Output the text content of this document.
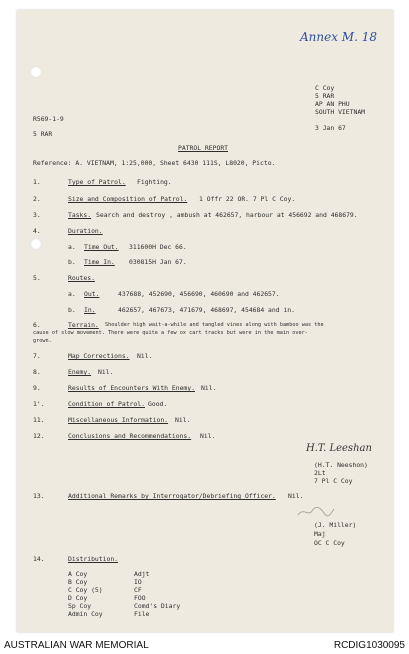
Annex M. 18
C Coy
5 RAR
AP AN PHU
SOUTH VIETNAM
R569-1-9
3 Jan 67
5 RAR
PATROL REPORT
Reference: A. VIETNAM, 1:25,000, Sheet 6430 111S, L8020, Picto.
1.	Type of Patrol. Fighting.
2.	Size and Composition of Patrol. 1 Offr 22 OR. 7 Pl C Coy.
3.	Tasks. Search and destroy , ambush at 462657, harbour at 456692 and 468679.
4.	Duration.
a. Time Out. 311600H Dec 66.
b. Time In. 030815H Jan 67.
5.	Routes.
a. Out.	437688, 452690, 456690, 460690 and 462657.
b. In.	462657, 467673, 471679, 468697, 454684 and in.
6.	Terrain. Shoulder high wait-a-while and tangled vines along with bamboo was the
cause of slow movement. There were quite a few ox cart tracks but were in the main over-
grown.
7.	Map Corrections. Nil.
8.	Enemy. Nil.
9.	Results of Encounters With Enemy. Nil.
1'.	Condition of Patrol. Good.
11.	Miscellaneous Information. Nil.
12.	Conclusions and Recommendations. Nil.
H.T. Leeshan
(H.T. Neeshon)
2Lt
7 Pl C Coy
13.	Additional Remarks by Interrogator/Debriefing Officer. Nil.
(J. Miller)
Maj
OC C Coy
14.	Distribution.
A Coy
B Coy
C Coy (5)
D Coy
Sp Coy
Admin Coy
Adjt
IO
CF
FOO
Comd's Diary
File
AUSTRALIAN WAR MEMORIAL	RCDIG1030095
